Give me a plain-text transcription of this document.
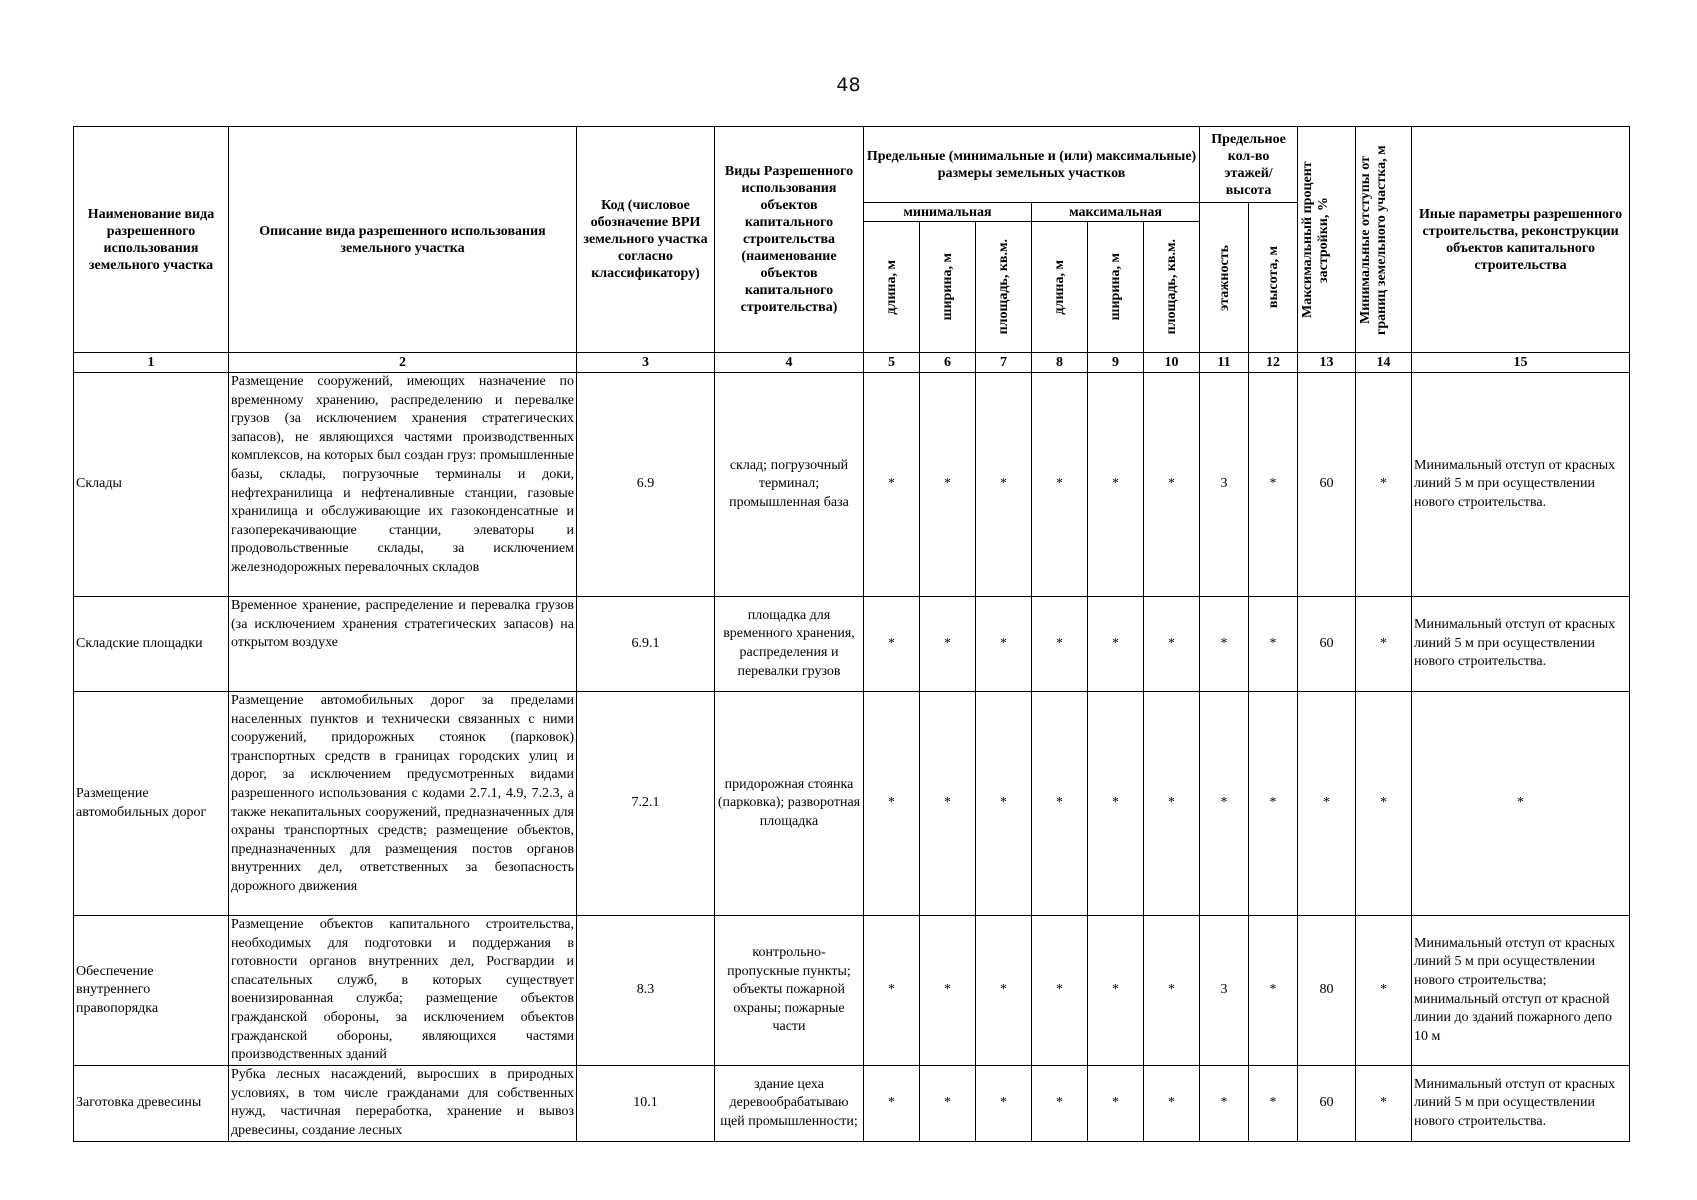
48
Наименование вида разрешенного использования земельного участка	Описание вида разрешенного использования земельного участка	Код (числовое обозначение ВРИ земельного участка согласно классификатору)	Виды Разрешенного использования объектов капитального строительства (наименование объектов капитального строительства)	Предельные (минимальные и (или) максимальные) размеры земельных участков						Предельное кол-во этажей/ высота		Максимальный процент застройки, %	Минимальные отступы от границ земельного участка, м	Иные параметры разрешенного строительства, реконструкции объектов капитального строительства
				минимальная			максимальная			этажность	высота, м			

				длина, м	ширина, м	площадь, кв.м.	длина, м	ширина, м	площадь, кв.м.					

1	2	3	4	5	6	7	8	9	10	11	12	13	14	15
Склады	Размещение сооружений, имеющих назначение по временному хранению, распределению и перевалке грузов (за исключением хранения стратегических запасов), не являющихся частями производственных комплексов, на которых был создан груз: промышленные базы, склады, погрузочные терминалы и доки, нефтехранилища и нефтеналивные станции, газовые хранилища и обслуживающие их газоконденсатные и газоперекачивающие станции, элеваторы и продовольственные склады, за исключением железнодорожных перевалочных складов	6.9	склад; погрузочный терминал; промышленная база	*	*	*	*	*	*	3	*	60	*	Минимальный отступ от красных линий 5 м при осуществлении нового строительства.
Складские площадки	Временное хранение, распределение и перевалка грузов (за исключением хранения стратегических запасов) на открытом воздухе	6.9.1	площадка для временного хранения, распределения и перевалки грузов	*	*	*	*	*	*	*	*	60	*	Минимальный отступ от красных линий 5 м при осуществлении нового строительства.
Размещение автомобильных дорог	Размещение автомобильных дорог за пределами населенных пунктов и технически связанных с ними сооружений, придорожных стоянок (парковок) транспортных средств в границах городских улиц и дорог, за исключением предусмотренных видами разрешенного использования с кодами 2.7.1, 4.9, 7.2.3, а также некапитальных сооружений, предназначенных для охраны транспортных средств; размещение объектов, предназначенных для размещения постов органов внутренних дел, ответственных за безопасность дорожного движения	7.2.1	придорожная стоянка (парковка); разворотная площадка	*	*	*	*	*	*	*	*	*	*	*
Обеспечение внутреннего правопорядка	Размещение объектов капитального строительства, необходимых для подготовки и поддержания в готовности органов внутренних дел, Росгвардии и спасательных служб, в которых существует военизированная служба; размещение объектов гражданской обороны, за исключением объектов гражданской обороны, являющихся частями производственных зданий	8.3	контрольно-пропускные пункты; объекты пожарной охраны; пожарные части	*	*	*	*	*	*	3	*	80	*	Минимальный отступ от красных линий 5 м при осуществлении нового строительства; минимальный отступ от красной линии до зданий пожарного депо 10 м
Заготовка древесины	Рубка лесных насаждений, выросших в природных условиях, в том числе гражданами для собственных нужд, частичная переработка, хранение и вывоз древесины, создание лесных	10.1	здание цеха деревообрабатываю щей промышленности;	*	*	*	*	*	*	*	*	60	*	Минимальный отступ от красных линий 5 м при осуществлении нового строительства.
